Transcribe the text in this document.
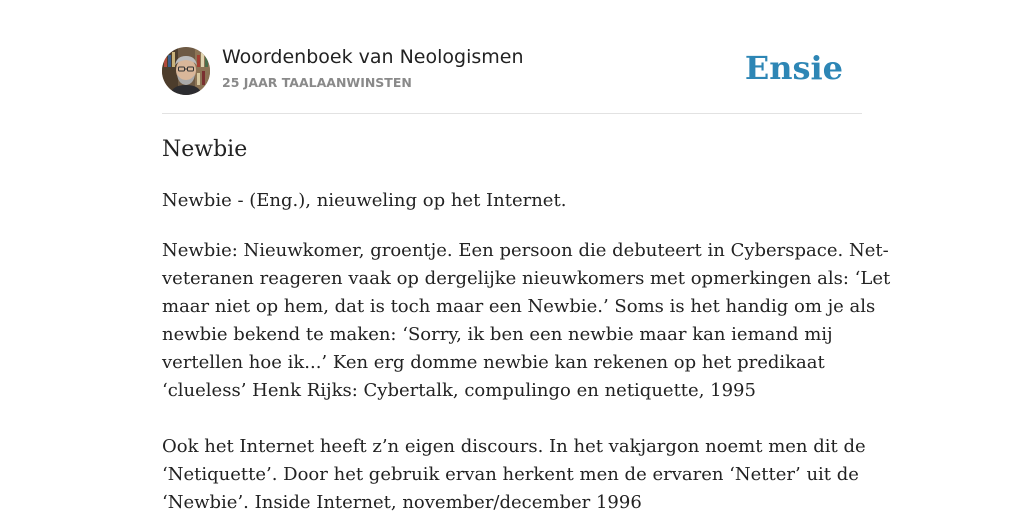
Woordenboek van Neologismen
25 JAAR TAALAANWINSTEN	Ensie
Newbie

Newbie - (Eng.), nieuweling op het Internet.

Newbie: Nieuwkomer, groentje. Een persoon die debuteert in Cyberspace. Net-
veteranen reageren vaak op dergelijke nieuwkomers met opmerkingen als: ‘Let
maar niet op hem, dat is toch maar een Newbie.’ Soms is het handig om je als
newbie bekend te maken: ‘Sorry, ik ben een newbie maar kan iemand mij
vertellen hoe ik...’ Ken erg domme newbie kan rekenen op het predikaat
‘clueless’ Henk Rijks: Cybertalk, compulingo en netiquette, 1995
Ook het Internet heeft z’n eigen discours. In het vakjargon noemt men dit de
‘Netiquette’. Door het gebruik ervan herkent men de ervaren ‘Netter’ uit de
‘Newbie’. Inside Internet, november/december 1996
